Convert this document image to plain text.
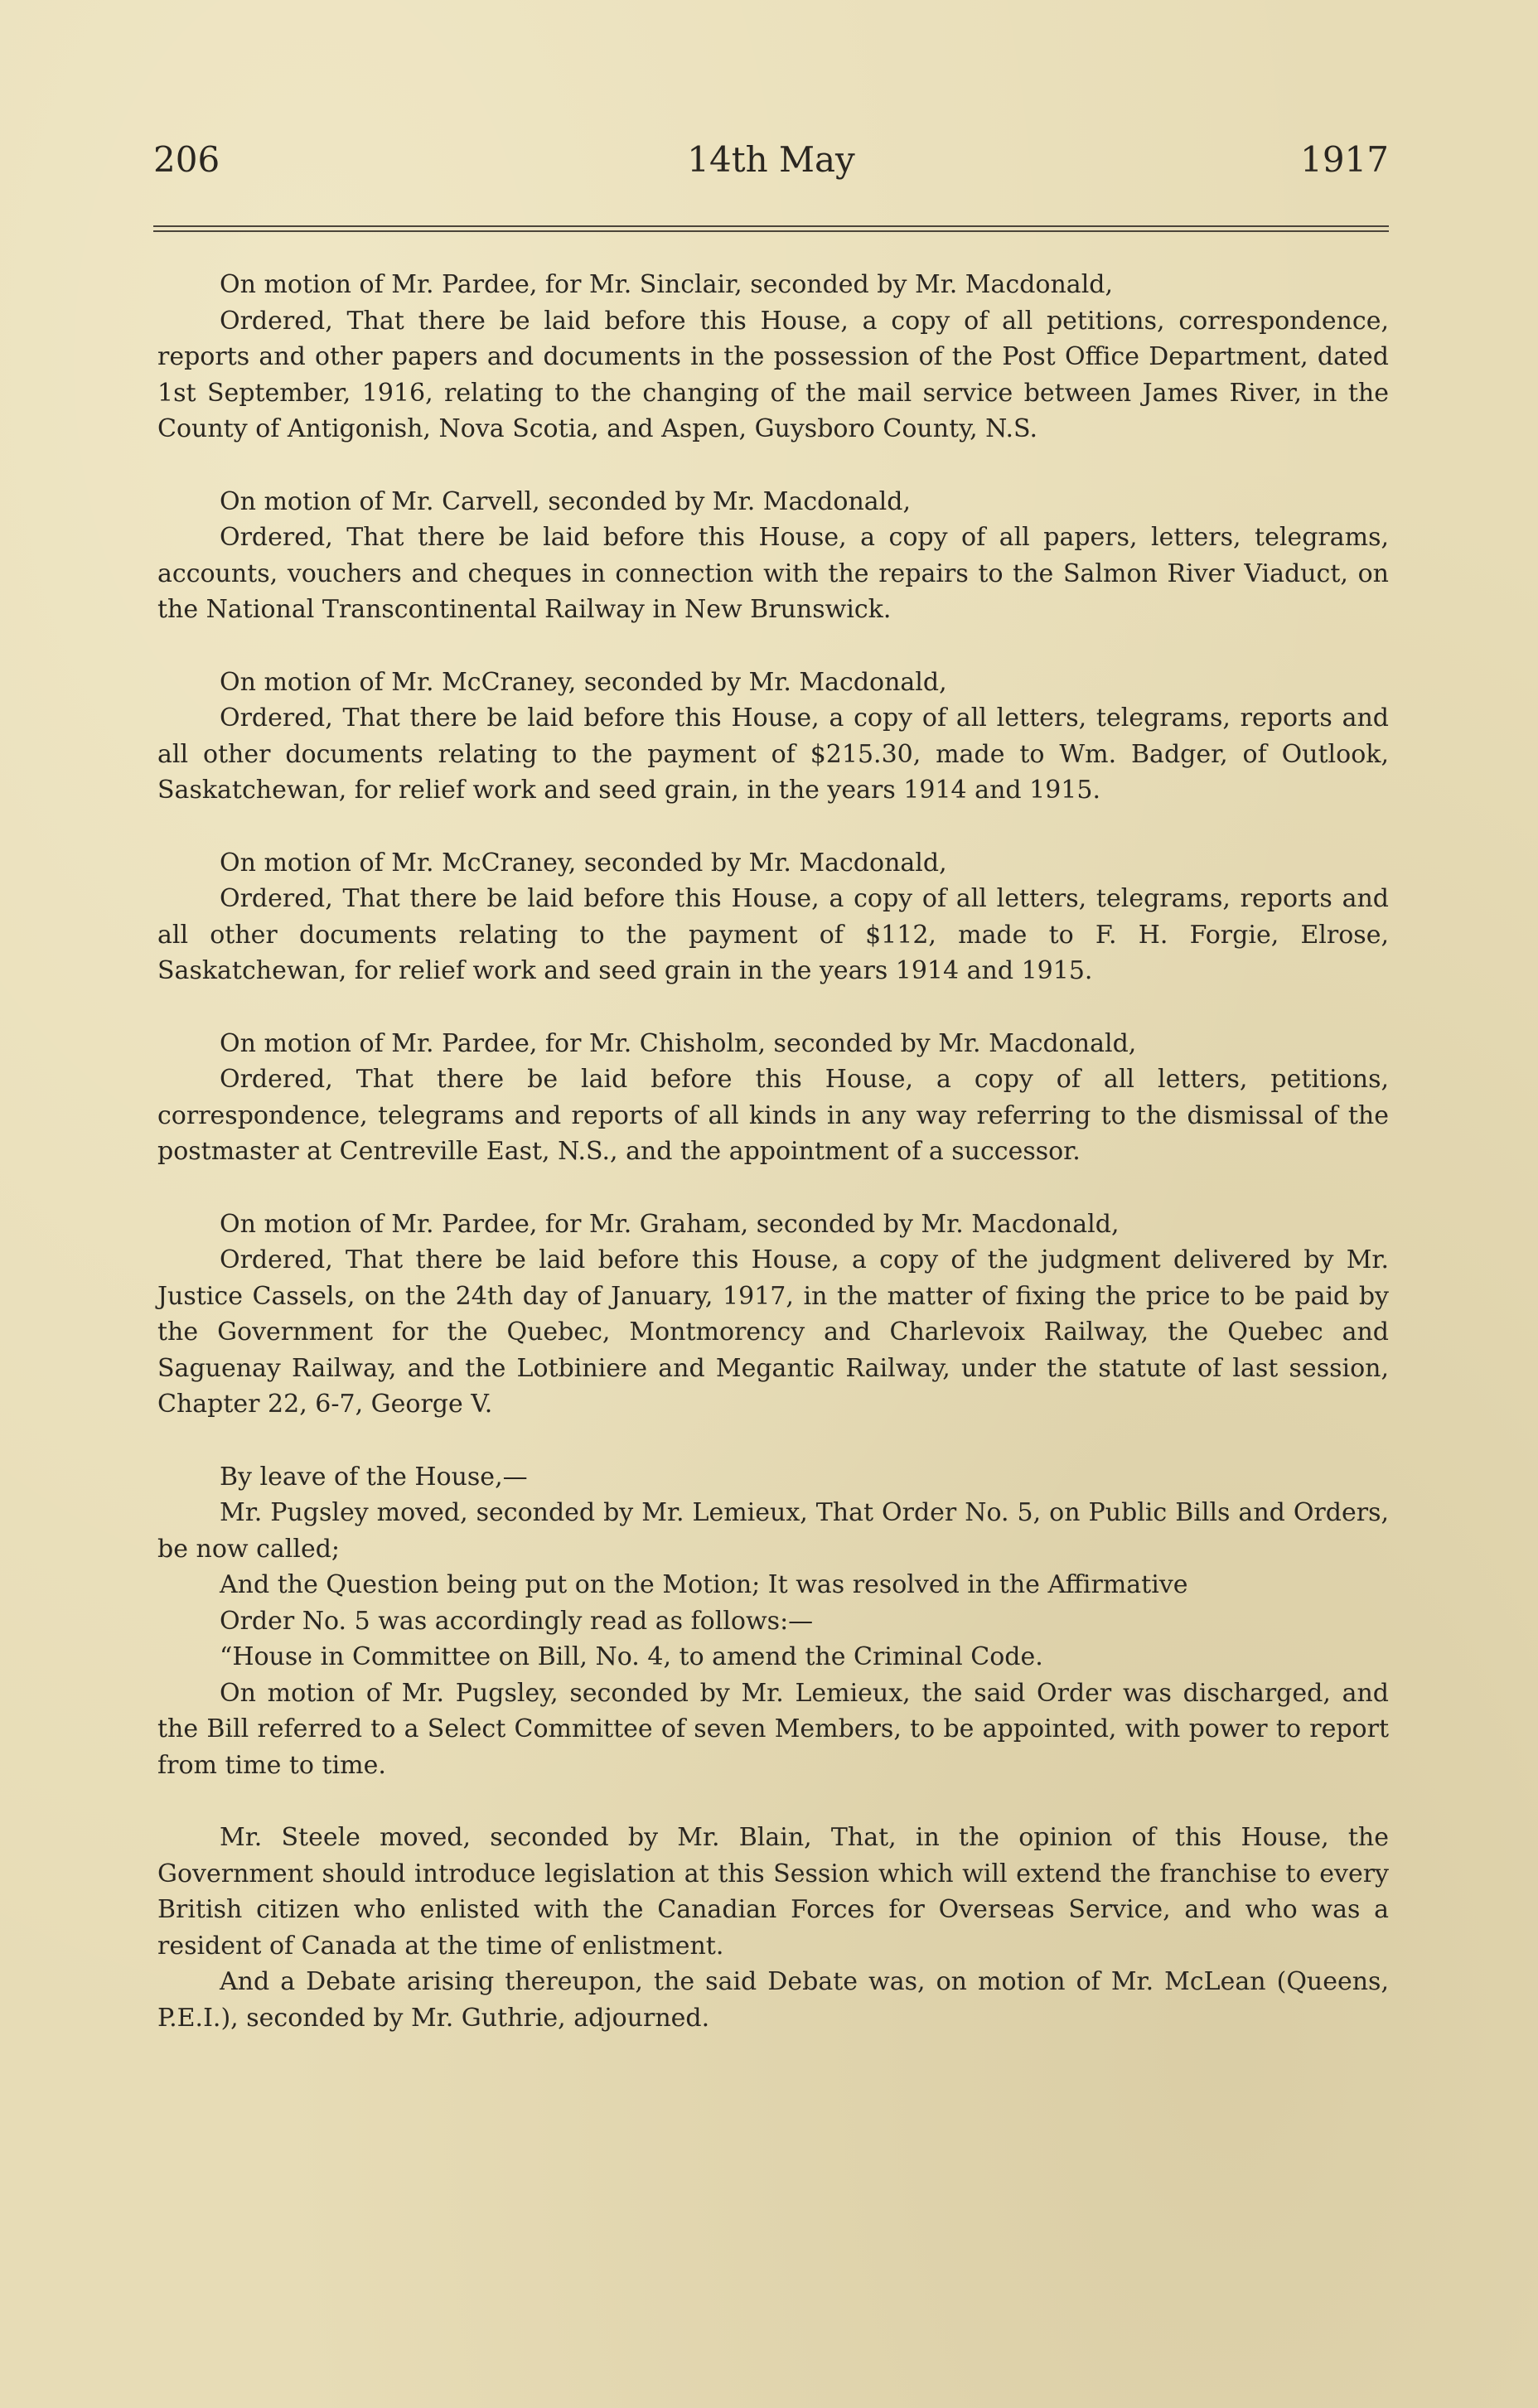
206	14th May	1917

On motion of Mr. Pardee, for Mr. Sinclair, seconded by Mr. Macdonald,

Ordered, That there be laid before this House, a copy of all petitions, correspondence, reports and other papers and documents in the possession of the Post Office Department, dated 1st September, 1916, relating to the changing of the mail service between James River, in the County of Antigonish, Nova Scotia, and Aspen, Guysboro County, N.S.

On motion of Mr. Carvell, seconded by Mr. Macdonald,

Ordered, That there be laid before this House, a copy of all papers, letters, telegrams, accounts, vouchers and cheques in connection with the repairs to the Salmon River Viaduct, on the National Transcontinental Railway in New Brunswick.

On motion of Mr. McCraney, seconded by Mr. Macdonald,

Ordered, That there be laid before this House, a copy of all letters, telegrams, reports and all other documents relating to the payment of $215.30, made to Wm. Badger, of Outlook, Saskatchewan, for relief work and seed grain, in the years 1914 and 1915.

On motion of Mr. McCraney, seconded by Mr. Macdonald,

Ordered, That there be laid before this House, a copy of all letters, telegrams, reports and all other documents relating to the payment of $112, made to F. H. Forgie, Elrose, Saskatchewan, for relief work and seed grain in the years 1914 and 1915.

On motion of Mr. Pardee, for Mr. Chisholm, seconded by Mr. Macdonald,

Ordered, That there be laid before this House, a copy of all letters, petitions, correspondence, telegrams and reports of all kinds in any way referring to the dismissal of the postmaster at Centreville East, N.S., and the appointment of a successor.

On motion of Mr. Pardee, for Mr. Graham, seconded by Mr. Macdonald,

Ordered, That there be laid before this House, a copy of the judgment delivered by Mr. Justice Cassels, on the 24th day of January, 1917, in the matter of fixing the price to be paid by the Government for the Quebec, Montmorency and Charlevoix Railway, the Quebec and Saguenay Railway, and the Lotbiniere and Megantic Railway, under the statute of last session, Chapter 22, 6-7, George V.

By leave of the House,—

Mr. Pugsley moved, seconded by Mr. Lemieux, That Order No. 5, on Public Bills and Orders, be now called;

And the Question being put on the Motion; It was resolved in the Affirmative

Order No. 5 was accordingly read as follows:—

“House in Committee on Bill, No. 4, to amend the Criminal Code.

On motion of Mr. Pugsley, seconded by Mr. Lemieux, the said Order was discharged, and the Bill referred to a Select Committee of seven Members, to be appointed, with power to report from time to time.

Mr. Steele moved, seconded by Mr. Blain, That, in the opinion of this House, the Government should introduce legislation at this Session which will extend the franchise to every British citizen who enlisted with the Canadian Forces for Overseas Service, and who was a resident of Canada at the time of enlistment.

And a Debate arising thereupon, the said Debate was, on motion of Mr. McLean (Queens, P.E.I.), seconded by Mr. Guthrie, adjourned.
